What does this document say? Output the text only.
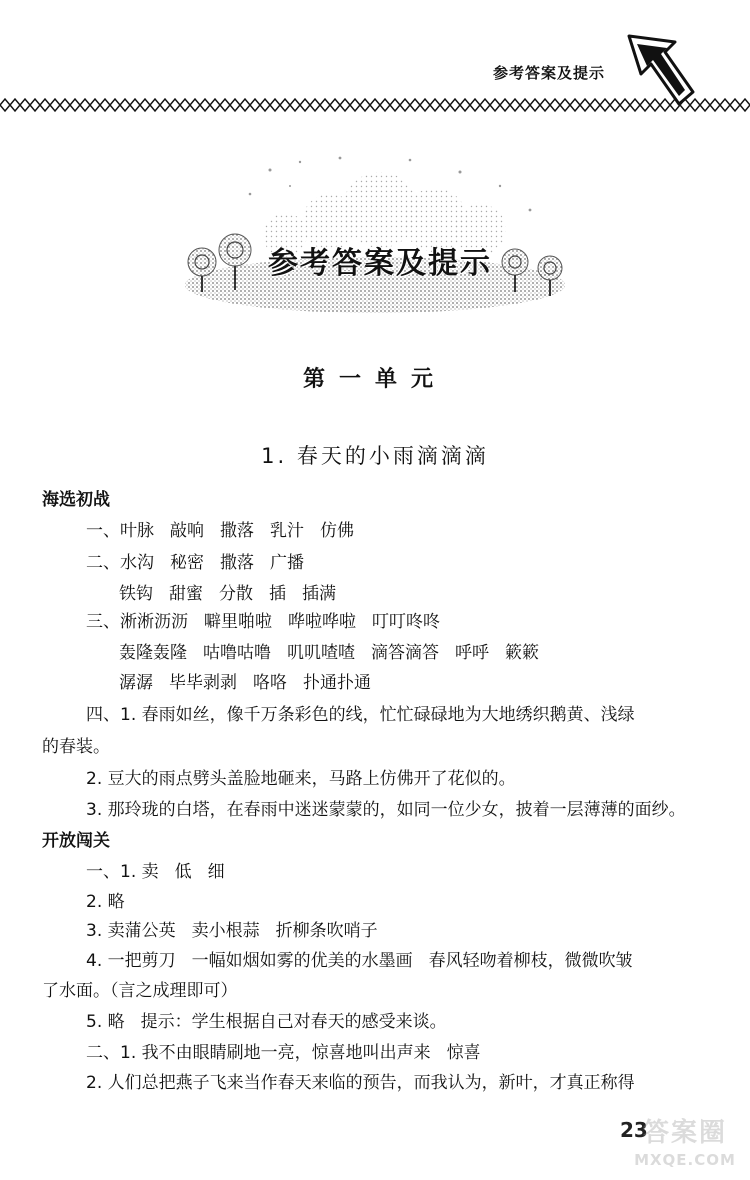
参考答案及提示
参考答案及提示
第一单元
1. 春天的小雨滴滴滴
海选初战
一、叶脉 敲响 撒落 乳汁 仿佛
二、水沟 秘密 撒落 广播
铁钩 甜蜜 分散 插 插满
三、淅淅沥沥 噼里啪啦 哗啦哗啦 叮叮咚咚
轰隆轰隆 咕噜咕噜 叽叽喳喳 滴答滴答 呼呼 簌簌
潺潺 毕毕剥剥 咯咯 扑通扑通
四、1. 春雨如丝，像千万条彩色的线，忙忙碌碌地为大地绣织鹅黄、浅绿
的春装。
2. 豆大的雨点劈头盖脸地砸来，马路上仿佛开了花似的。
3. 那玲珑的白塔，在春雨中迷迷蒙蒙的，如同一位少女，披着一层薄薄的面纱。
开放闯关
一、1. 卖 低 细
2. 略
3. 卖蒲公英 卖小根蒜 折柳条吹哨子
4. 一把剪刀 一幅如烟如雾的优美的水墨画 春风轻吻着柳枝，微微吹皱
了水面。（言之成理即可）
5. 略 提示：学生根据自己对春天的感受来谈。
二、1. 我不由眼睛刷地一亮，惊喜地叫出声来 惊喜
2. 人们总把燕子飞来当作春天来临的预告，而我认为，新叶，才真正称得
23
答案圈
MXQE.COM
